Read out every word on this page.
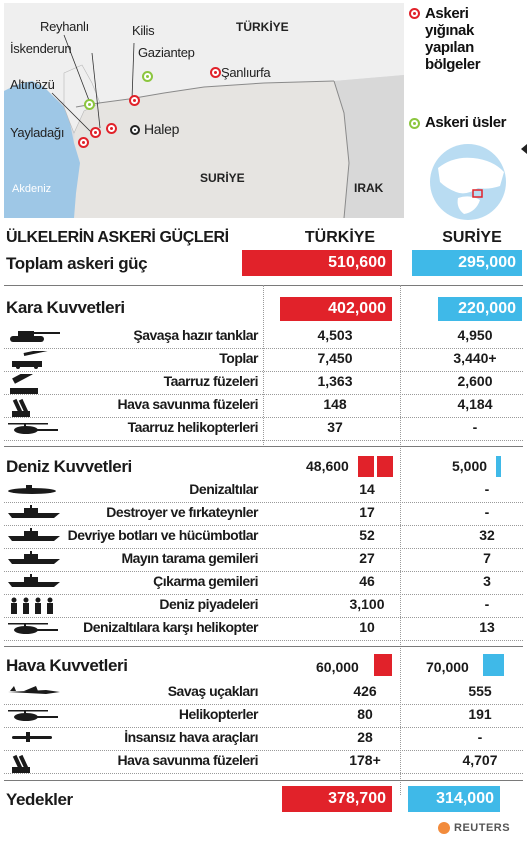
TÜRKİYE
SURİYE
IRAK
Akdeniz
Reyhanlı
İskenderun
Altınözü
Yayladağı
Kilis
Gaziantep
Şanlıurfa
Halep
Askeri
yığınak
yapılan
bölgeler
Askeri üsler
ÜLKELERİN ASKERİ GÜÇLERİ	TÜRKİYE	SURİYE
Toplam askeri güç	510,600	295,000
Kara Kuvvetleri	402,000	220,000
Şavaşa hazır tanklar	4,503	4,950
Toplar	7,450	3,440+
Taarruz füzeleri	1,363	2,600
Hava savunma füzeleri	148	4,184
Taarruz helikopterleri	37	-
Deniz Kuvvetleri	48,600	5,000
Denizaltılar	14	-
Destroyer ve fırkateynler	17	-
Devriye botları ve hücümbotlar	52	32
Mayın tarama gemileri	27	7
Çıkarma gemileri	46	3
Deniz piyadeleri	3,100	-
Denizaltılara karşı helikopter	10	13
Hava Kuvvetleri	60,000	70,000
Savaş uçakları	426	555
Helikopterler	80	191
İnsansız hava araçları	28	-
Hava savunma füzeleri	178+	4,707
Yedekler	378,700	314,000
REUTERS
